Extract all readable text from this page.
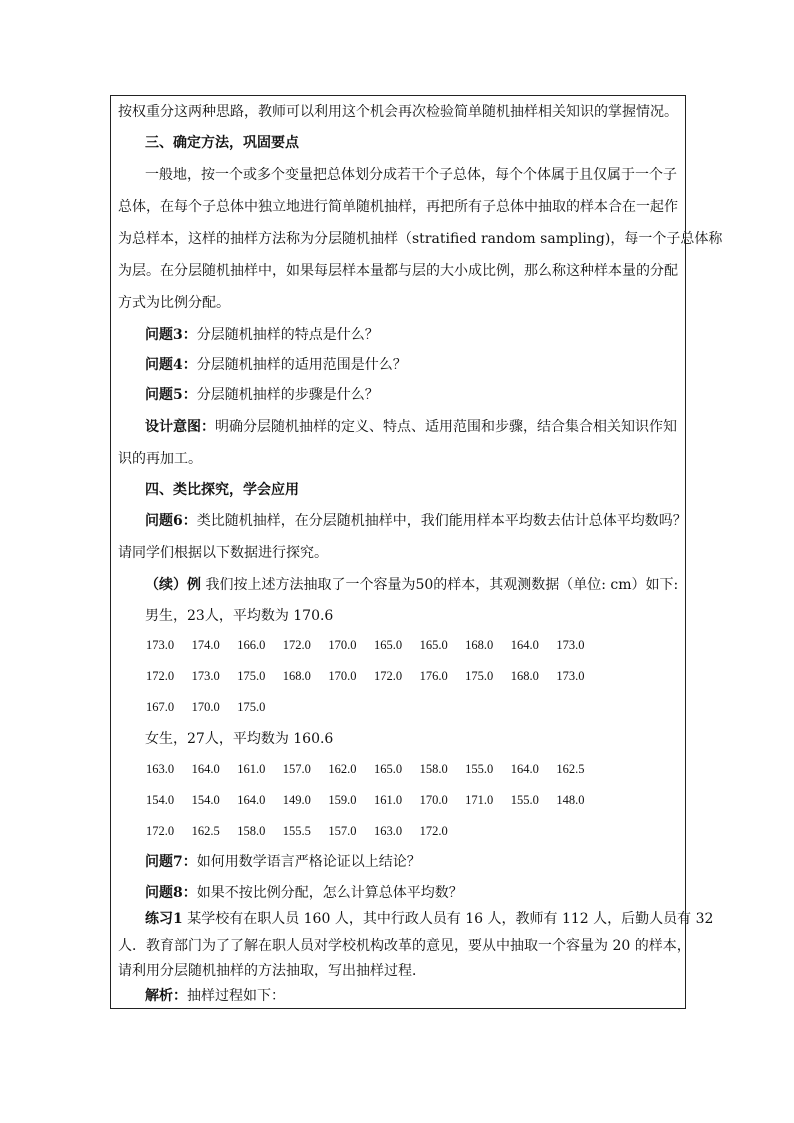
按权重分这两种思路，教师可以利用这个机会再次检验简单随机抽样相关知识的掌握情况。
三、确定方法，巩固要点
一般地，按一个或多个变量把总体划分成若干个子总体，每个个体属于且仅属于一个子
总体，在每个子总体中独立地进行简单随机抽样，再把所有子总体中抽取的样本合在一起作
为总样本，这样的抽样方法称为分层随机抽样（stratified random sampling)，每一个子总体称
为层。在分层随机抽样中，如果每层样本量都与层的大小成比例，那么称这种样本量的分配
方式为比例分配。
问题3：分层随机抽样的特点是什么？
问题4：分层随机抽样的适用范围是什么？
问题5：分层随机抽样的步骤是什么？
设计意图：明确分层随机抽样的定义、特点、适用范围和步骤，结合集合相关知识作知
识的再加工。
四、类比探究，学会应用
问题6：类比随机抽样，在分层随机抽样中，我们能用样本平均数去估计总体平均数吗？
请同学们根据以下数据进行探究。
（续）例 我们按上述方法抽取了一个容量为50的样本，其观测数据（单位: cm）如下:
男生，23人，平均数为 170.6
173.0 174.0 166.0 172.0 170.0 165.0 165.0 168.0 164.0 173.0
172.0 173.0 175.0 168.0 170.0 172.0 176.0 175.0 168.0 173.0
167.0 170.0 175.0
女生，27人，平均数为 160.6
163.0 164.0 161.0 157.0 162.0 165.0 158.0 155.0 164.0 162.5
154.0 154.0 164.0 149.0 159.0 161.0 170.0 171.0 155.0 148.0
172.0 162.5 158.0 155.5 157.0 163.0 172.0
问题7：如何用数学语言严格论证以上结论？
问题8：如果不按比例分配，怎么计算总体平均数？
练习1 某学校有在职人员 160 人，其中行政人员有 16 人，教师有 112 人，后勤人员有 32
人．教育部门为了了解在职人员对学校机构改革的意见，要从中抽取一个容量为 20 的样本，
请利用分层随机抽样的方法抽取，写出抽样过程．
解析：抽样过程如下：
